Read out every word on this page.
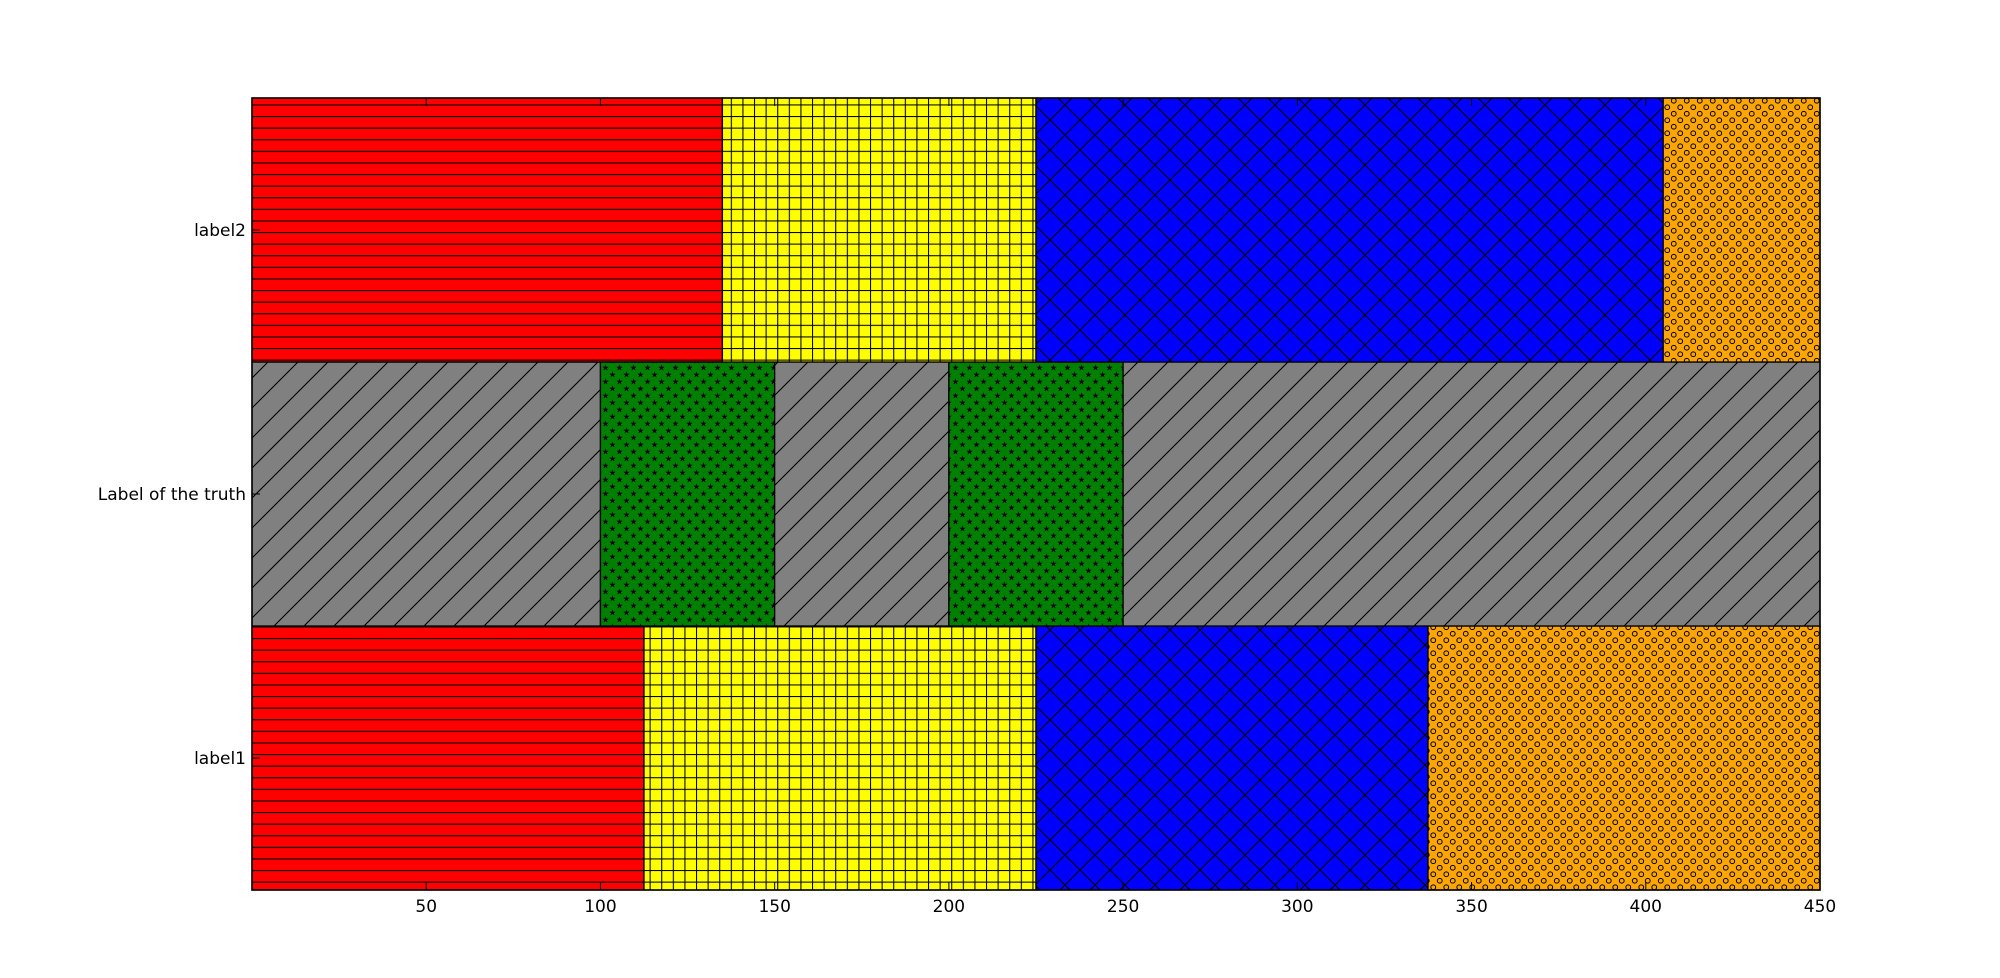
50	100	150	200	250	300	350	400	450
label1
Label of the truth
label2
